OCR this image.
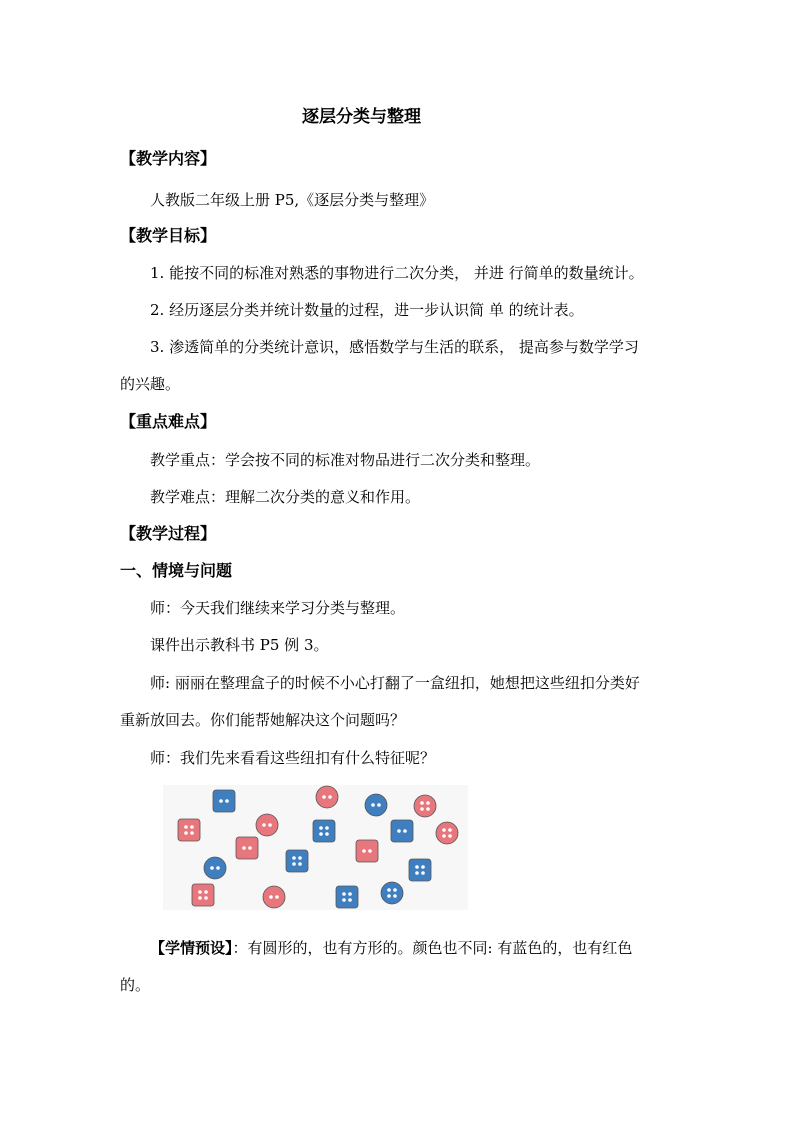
逐层分类与整理
【教学内容】
人教版二年级上册 P5,《逐层分类与整理》
【教学目标】
1. 能按不同的标准对熟悉的事物进行二次分类， 并进 行简单的数量统计。
2. 经历逐层分类并统计数量的过程，进一步认识简 单 的统计表。
3. 渗透简单的分类统计意识，感悟数学与生活的联系， 提高参与数学学习
的兴趣。
【重点难点】
教学重点：学会按不同的标准对物品进行二次分类和整理。
教学难点：理解二次分类的意义和作用。
【教学过程】
一、情境与问题
师：今天我们继续来学习分类与整理。
课件出示教科书 P5 例 3。
师: 丽丽在整理盒子的时候不小心打翻了一盒纽扣，她想把这些纽扣分类好
重新放回去。你们能帮她解决这个问题吗？
师：我们先来看看这些纽扣有什么特征呢？
【学情预设】：有圆形的，也有方形的。颜色也不同: 有蓝色的，也有红色
的。
